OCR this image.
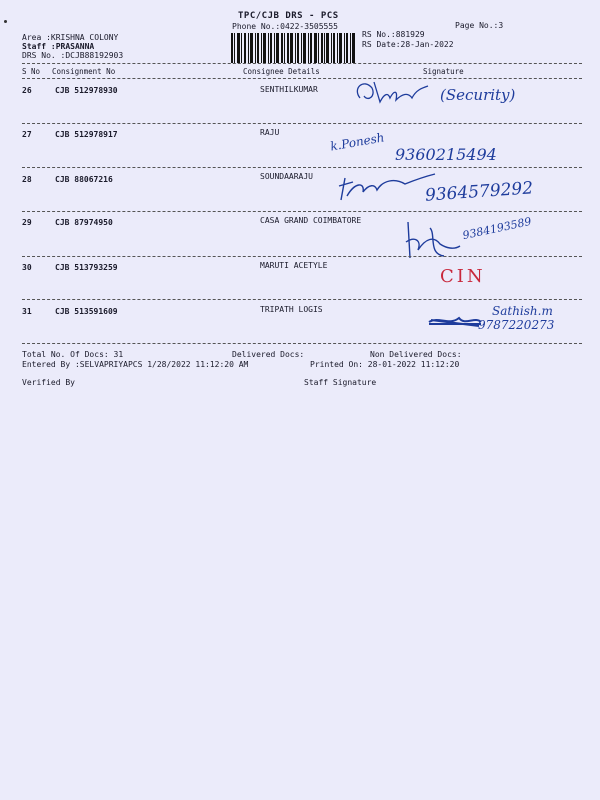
TPC/CJB DRS - PCS
Phone No.:0422-3505555	Page No.:3
RS No.:881929
RS Date:28-Jan-2022
Area :KRISHNA COLONY
Staff :PRASANNA
DRS No. :DCJB88192903
S No Consignment No	Consignee Details	Signature
26	CJB 512978930	SENTHILKUMAR	(Security)
27	CJB 512978917	RAJU	k.Ponesh
9360215494
28	CJB 88067216	SOUNDAARAJU
9364579292
29	CJB 87974950	CASA GRAND COIMBATORE	9384193589
30	CJB 513793259	MARUTI ACETYLE
CIN
31	CJB 513591609	TRIPATH LOGIS	Sathish.m
9787220273
Total No. Of Docs: 31	Delivered Docs:	Non Delivered Docs:
Entered By :SELVAPRIYAPCS 1/28/2022 11:12:20 AM	Printed On: 28-01-2022 11:12:20
Verified By	Staff Signature
